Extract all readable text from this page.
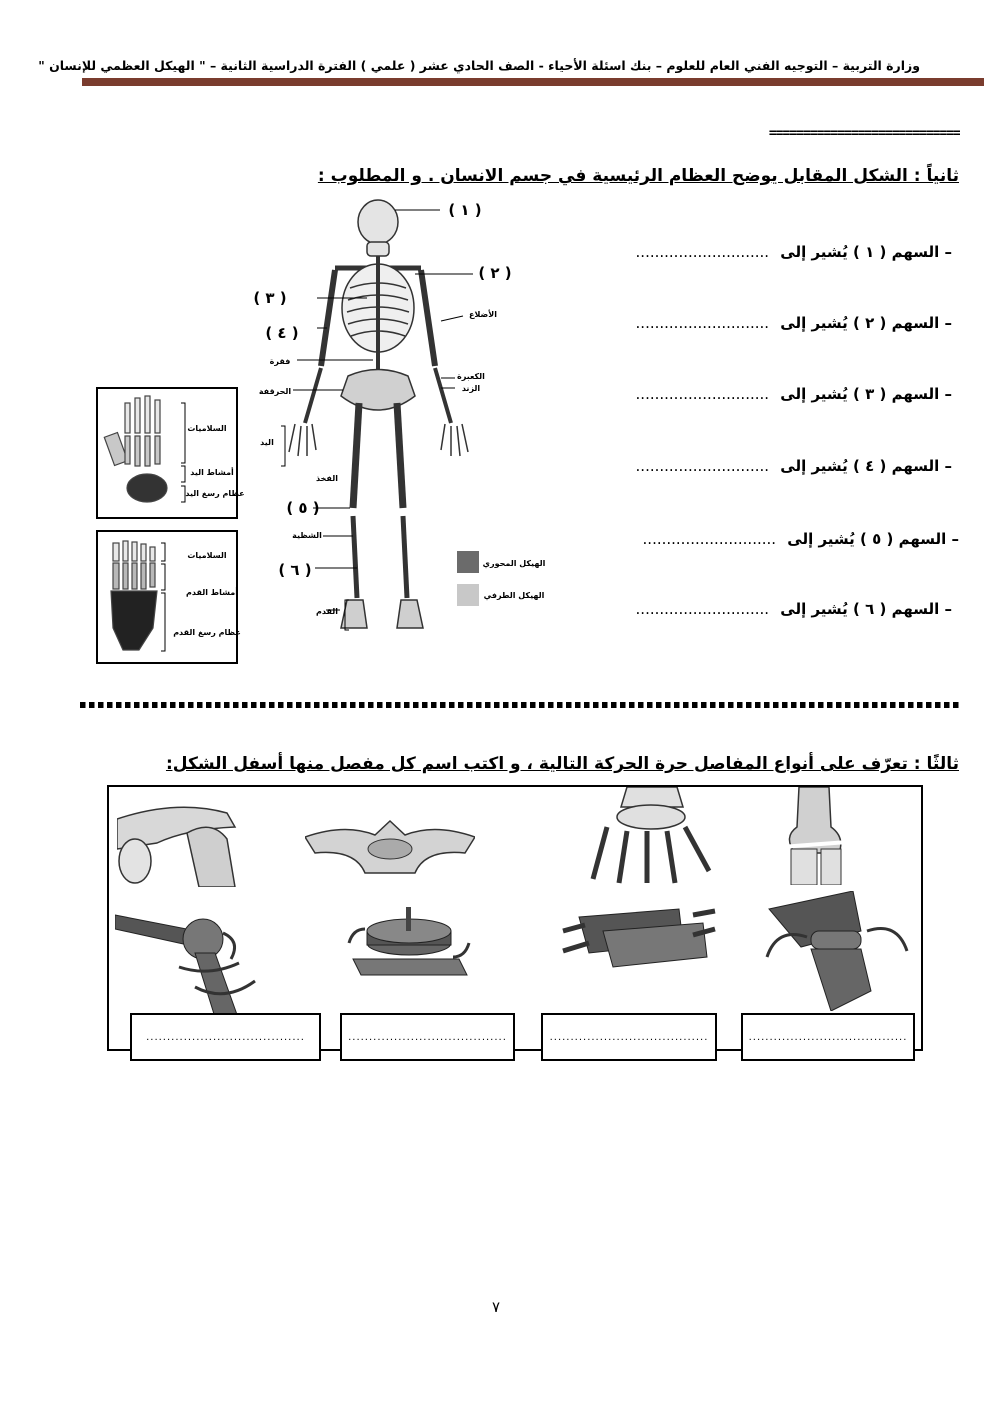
وزارة التربية – التوجيه الفني العام للعلوم – بنك اسئلة الأحياء - الصف الحادي عشر ( علمي ) الفترة الدراسية الثانية – " الهيكل العظمي للإنسان "
============================
ثانياً : الشكل المقابل يوضح العظام الرئيسية في جسم الانسان . و المطلوب :
( ١ )
( ٢ )
( ٣ )
( ٤ )
( ٥ )
( ٦ )
الأضلاع
فقرة
الكعبرة
الزند
الحرقفة
اليد
الفخذ
الشظية
القدم
الهيكل المحوري
الهيكل الطرفي
السلاميات
أمشاط اليد
عظام رسغ اليد
السلاميات
أمشاط القدم
عظام رسغ القدم
– السهم ( ١ ) يُشير إلى ............................
– السهم ( ٢ ) يُشير إلى ............................
– السهم ( ٣ ) يُشير إلى ............................
– السهم ( ٤ ) يُشير إلى ............................
– السهم ( ٥ ) يُشير إلى ............................
– السهم ( ٦ ) يُشير إلى ............................
ثالثًا : تعرّف على أنواع المفاصل حرة الحركة التالية ، و اكتب اسم كل مفصل منها أسفل الشكل:
......................................	......................................	......................................	......................................
٧
